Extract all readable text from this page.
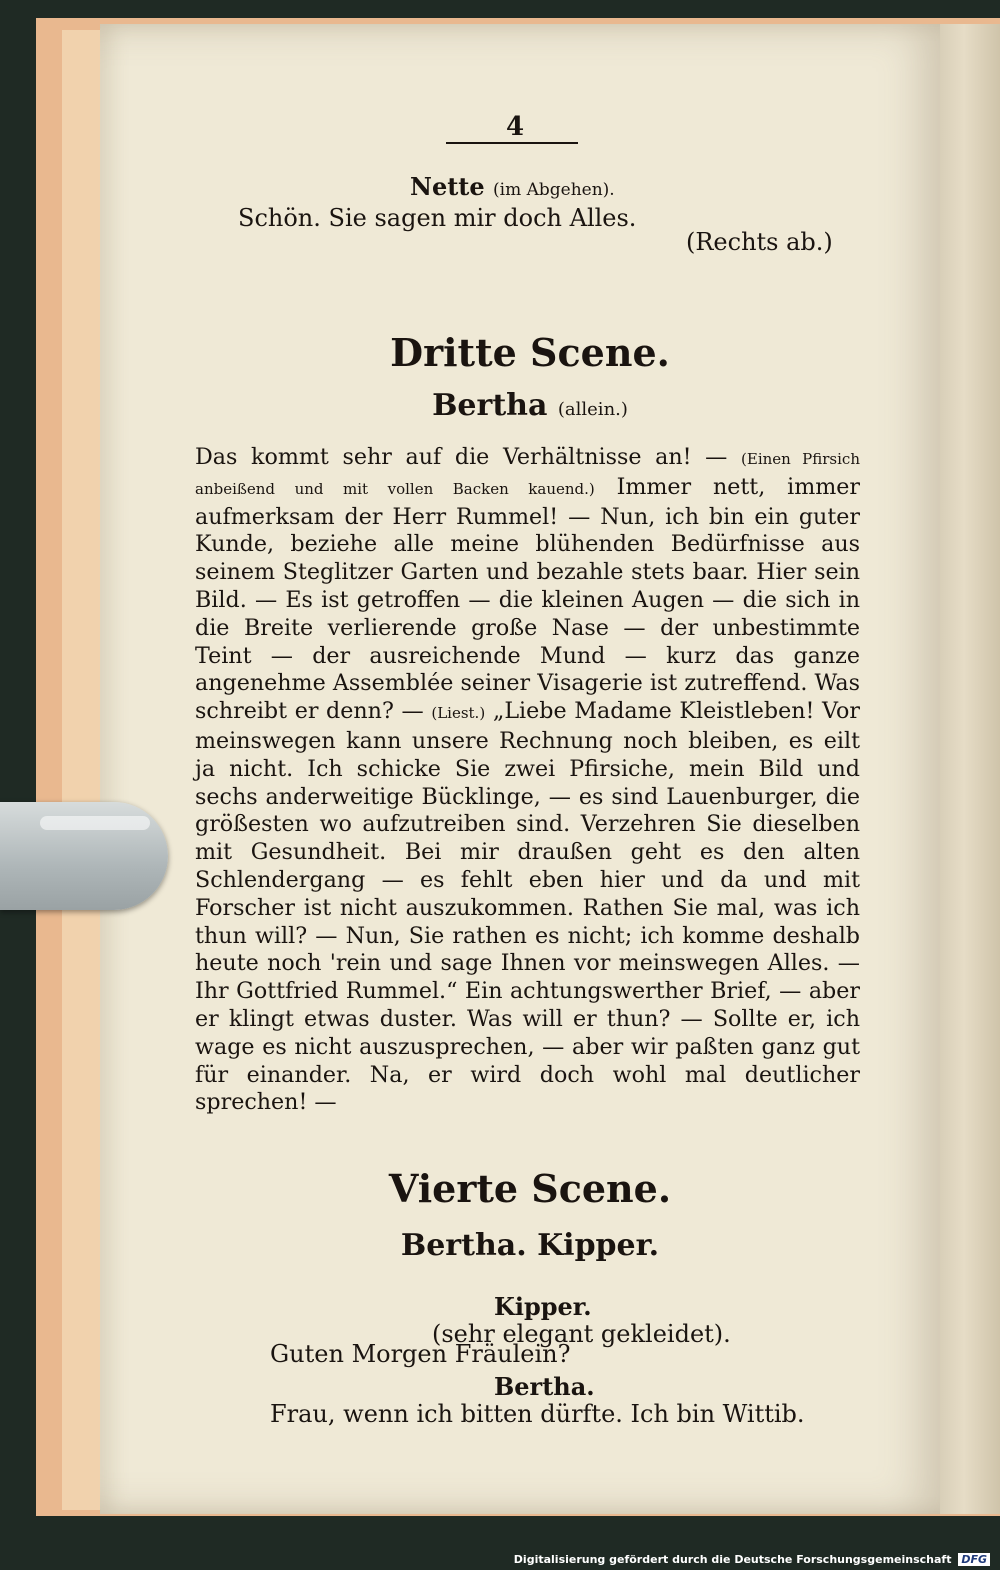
4
Nette (im Abgehen).
Schön. Sie sagen mir doch Alles.
(Rechts ab.)
Dritte Scene.
Bertha (allein.)
Das kommt sehr auf die Verhältnisse an! — (Einen Pfirsich anbeißend und mit vollen Backen kauend.) Immer nett, immer aufmerksam der Herr Rummel! — Nun, ich bin ein guter Kunde, beziehe alle meine blühenden Bedürfnisse aus seinem Steglitzer Garten und bezahle stets baar. Hier sein Bild. — Es ist getroffen — die kleinen Augen — die sich in die Breite verlierende große Nase — der unbestimmte Teint — der ausreichende Mund — kurz das ganze angenehme Assemblée seiner Visagerie ist zutreffend. Was schreibt er denn? — (Liest.) „Liebe Madame Kleistleben! Vor meinswegen kann unsere Rechnung noch bleiben, es eilt ja nicht. Ich schicke Sie zwei Pfirsiche, mein Bild und sechs anderweitige Bücklinge, — es sind Lauenburger, die größesten wo aufzutreiben sind. Verzehren Sie dieselben mit Gesundheit. Bei mir draußen geht es den alten Schlendergang — es fehlt eben hier und da und mit Forscher ist nicht auszukommen. Rathen Sie mal, was ich thun will? — Nun, Sie rathen es nicht; ich komme deshalb heute noch 'rein und sage Ihnen vor meinswegen Alles. — Ihr Gottfried Rummel.“ Ein achtungswerther Brief, — aber er klingt etwas duster. Was will er thun? — Sollte er, ich wage es nicht auszusprechen, — aber wir paßten ganz gut für einander. Na, er wird doch wohl mal deutlicher sprechen! —
Vierte Scene.
Bertha. Kipper.
Kipper.
(sehr elegant gekleidet).
Guten Morgen Fräulein?
Bertha.
Frau, wenn ich bitten dürfte. Ich bin Wittib.
Digitalisierung gefördert durch die Deutsche Forschungsgemeinschaft DFG
